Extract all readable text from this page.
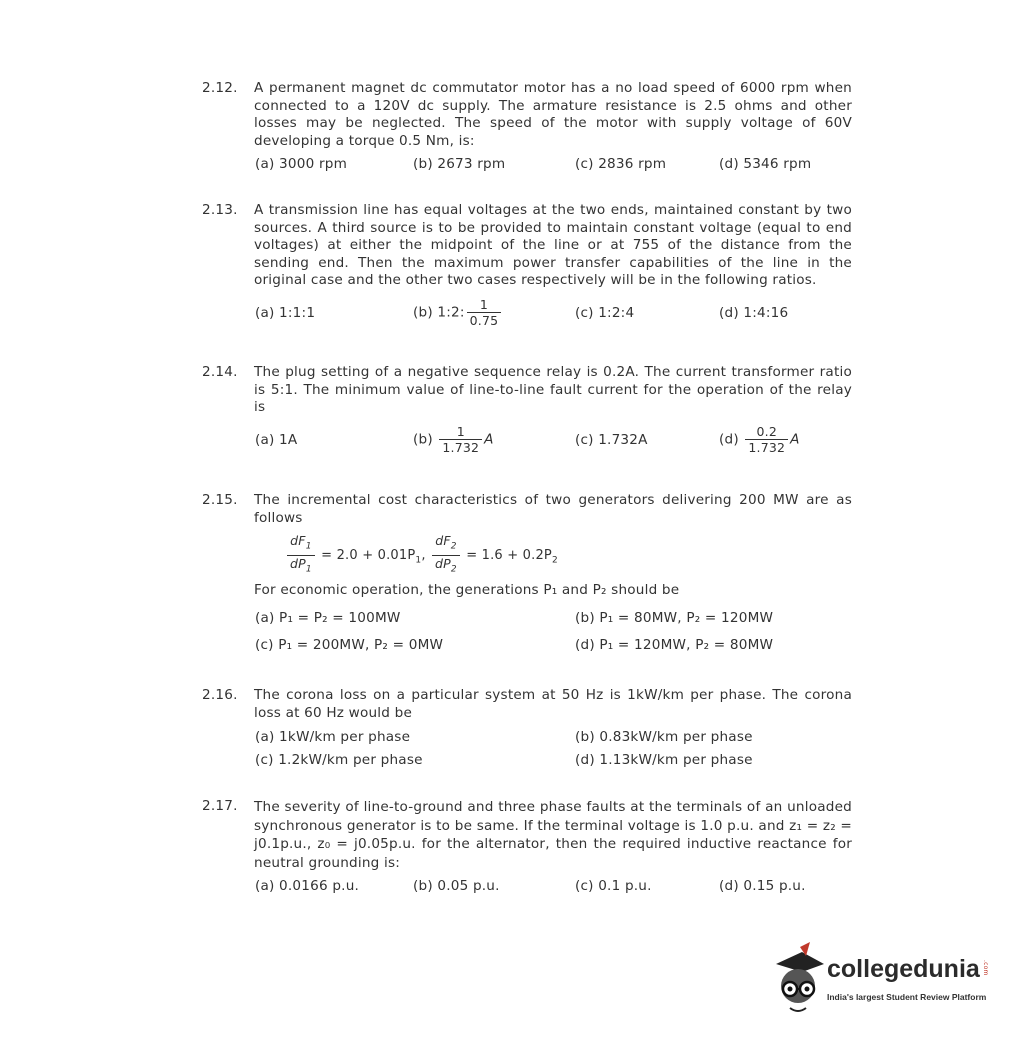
2.12. A permanent magnet dc commutator motor has a no load speed of 6000 rpm when connected to a 120V dc supply. The armature resistance is 2.5 ohms and other losses may be neglected. The speed of the motor with supply voltage of 60V developing a torque 0.5 Nm, is:
(a) 3000 rpm	(b) 2673 rpm	(c) 2836 rpm	(d) 5346 rpm
2.13. A transmission line has equal voltages at the two ends, maintained constant by two sources. A third source is to be provided to maintain constant voltage (equal to end voltages) at either the midpoint of the line or at 755 of the distance from the sending end. Then the maximum power transfer capabilities of the line in the original case and the other two cases respectively will be in the following ratios.
(a) 1:1:1	(b) 1:2: $\frac{1}{0.75}$	(c) 1:2:4	(d) 1:4:16
2.14. The plug setting of a negative sequence relay is 0.2A. The current transformer ratio is 5:1. The minimum value of line-to-line fault current for the operation of the relay is
(a) 1A	$(b) \frac{1}{1.732}$ A	(c) 1.732A	$(d) \frac{0.2}{1.732}$ A
2.15. The incremental cost characteristics of two generators delivering 200 MW are as follows
$\frac{dF_1}{dP_1} = 2.0 + 0.01P_1$, $\frac{dF_2}{dP_2} = 1.6 + 0.2P_2$
For economic operation, the generations P₁ and P₂ should be
(a) P₁ = P₂ = 100MW	(b) P₁ = 80MW, P₂ = 120MW
(c) P₁ = 200MW, P₂ = 0MW	(d) P₁ = 120MW, P₂ = 80MW
2.16. The corona loss on a particular system at 50 Hz is 1kW/km per phase. The corona loss at 60 Hz would be
(a) 1kW/km per phase	(b) 0.83kW/km per phase
(c) 1.2kW/km per phase	(d) 1.13kW/km per phase
2.17. The severity of line-to-ground and three phase faults at the terminals of an unloaded synchronous generator is to be same. If the terminal voltage is 1.0 p.u. and z₁ = z₂ = j0.1p.u., z₀ = j0.05p.u. for the alternator, then the required inductive reactance for neutral grounding is:
(a) 0.0166 p.u.	(b) 0.05 p.u.	(c) 0.1 p.u.	(d) 0.15 p.u.
collegedunia .com
India's largest Student Review Platform
